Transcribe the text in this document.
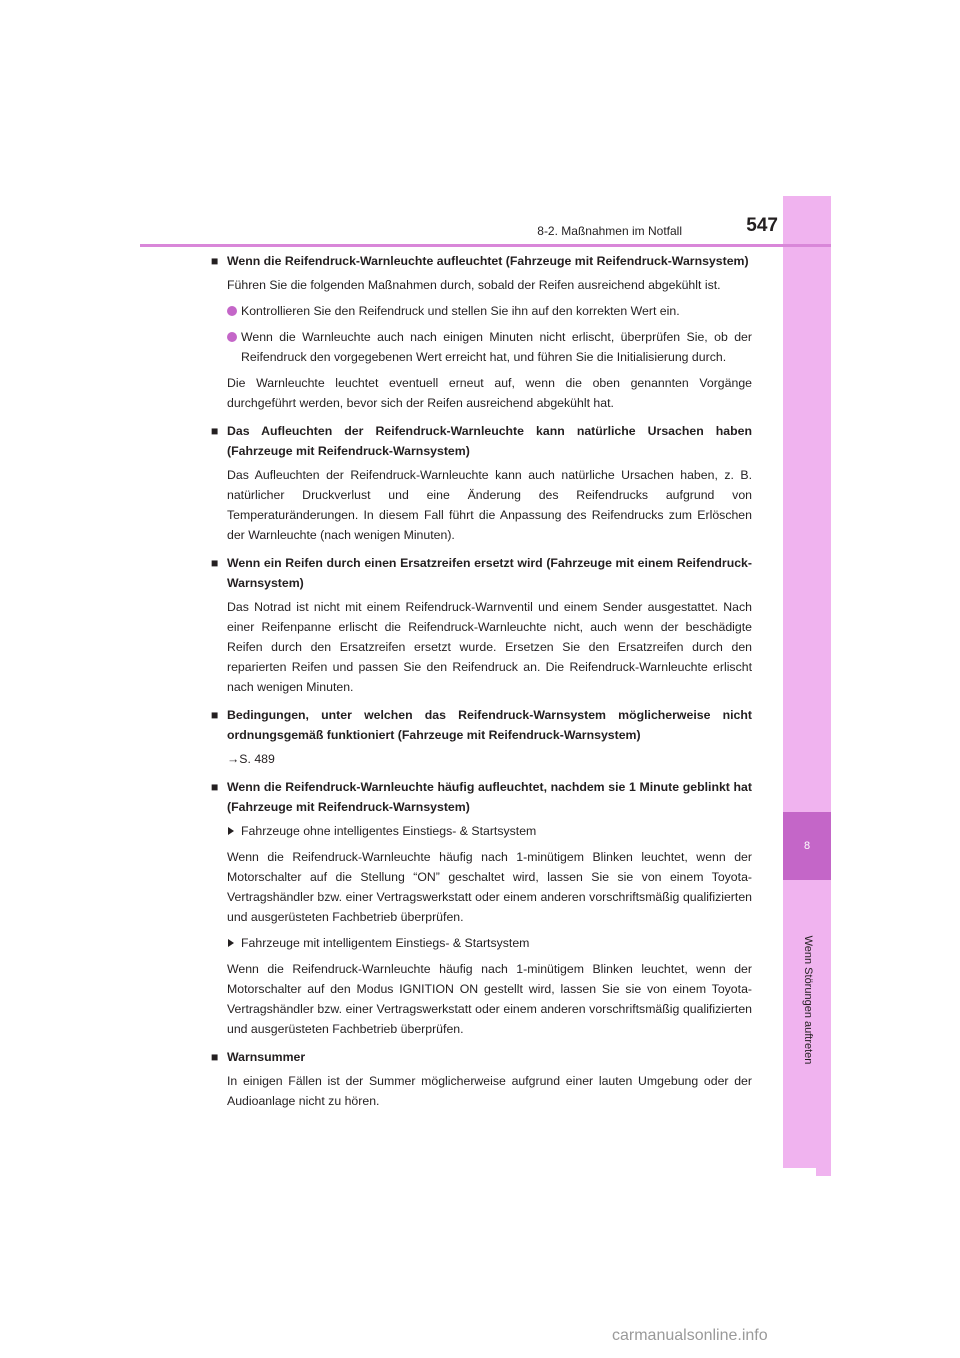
8
Wenn Störungen auftreten
8-2. Maßnahmen im Notfall	547
■ Wenn die Reifendruck-Warnleuchte aufleuchtet (Fahrzeuge mit Reifendruck-Warnsystem)
Führen Sie die folgenden Maßnahmen durch, sobald der Reifen ausreichend abgekühlt ist.
Kontrollieren Sie den Reifendruck und stellen Sie ihn auf den korrekten Wert ein.
Wenn die Warnleuchte auch nach einigen Minuten nicht erlischt, überprüfen Sie, ob der Reifendruck den vorgegebenen Wert erreicht hat, und führen Sie die Initialisierung durch.
Die Warnleuchte leuchtet eventuell erneut auf, wenn die oben genannten Vorgänge durchgeführt werden, bevor sich der Reifen ausreichend abgekühlt hat.
■ Das Aufleuchten der Reifendruck-Warnleuchte kann natürliche Ursachen haben (Fahrzeuge mit Reifendruck-Warnsystem)
Das Aufleuchten der Reifendruck-Warnleuchte kann auch natürliche Ursachen haben, z. B. natürlicher Druckverlust und eine Änderung des Reifendrucks aufgrund von Temperaturänderungen. In diesem Fall führt die Anpassung des Reifendrucks zum Erlöschen der Warnleuchte (nach wenigen Minuten).
■ Wenn ein Reifen durch einen Ersatzreifen ersetzt wird (Fahrzeuge mit einem Reifendruck-Warnsystem)
Das Notrad ist nicht mit einem Reifendruck-Warnventil und einem Sender ausgestattet. Nach einer Reifenpanne erlischt die Reifendruck-Warnleuchte nicht, auch wenn der beschädigte Reifen durch den Ersatzreifen ersetzt wurde. Ersetzen Sie den Ersatzreifen durch den reparierten Reifen und passen Sie den Reifendruck an. Die Reifendruck-Warnleuchte erlischt nach wenigen Minuten.
■ Bedingungen, unter welchen das Reifendruck-Warnsystem möglicherweise nicht ordnungsgemäß funktioniert (Fahrzeuge mit Reifendruck-Warnsystem)
→S. 489
■ Wenn die Reifendruck-Warnleuchte häufig aufleuchtet, nachdem sie 1 Minute geblinkt hat (Fahrzeuge mit Reifendruck-Warnsystem)
Fahrzeuge ohne intelligentes Einstiegs- & Startsystem
Wenn die Reifendruck-Warnleuchte häufig nach 1-minütigem Blinken leuchtet, wenn der Motorschalter auf die Stellung “ON” geschaltet wird, lassen Sie sie von einem Toyota-Vertragshändler bzw. einer Vertragswerkstatt oder einem anderen vorschriftsmäßig qualifizierten und ausgerüsteten Fachbetrieb überprüfen.
Fahrzeuge mit intelligentem Einstiegs- & Startsystem
Wenn die Reifendruck-Warnleuchte häufig nach 1-minütigem Blinken leuchtet, wenn der Motorschalter auf den Modus IGNITION ON gestellt wird, lassen Sie sie von einem Toyota-Vertragshändler bzw. einer Vertragswerkstatt oder einem anderen vorschriftsmäßig qualifizierten und ausgerüsteten Fachbetrieb überprüfen.
■ Warnsummer
In einigen Fällen ist der Summer möglicherweise aufgrund einer lauten Umgebung oder der Audioanlage nicht zu hören.
carmanualsonline.info
